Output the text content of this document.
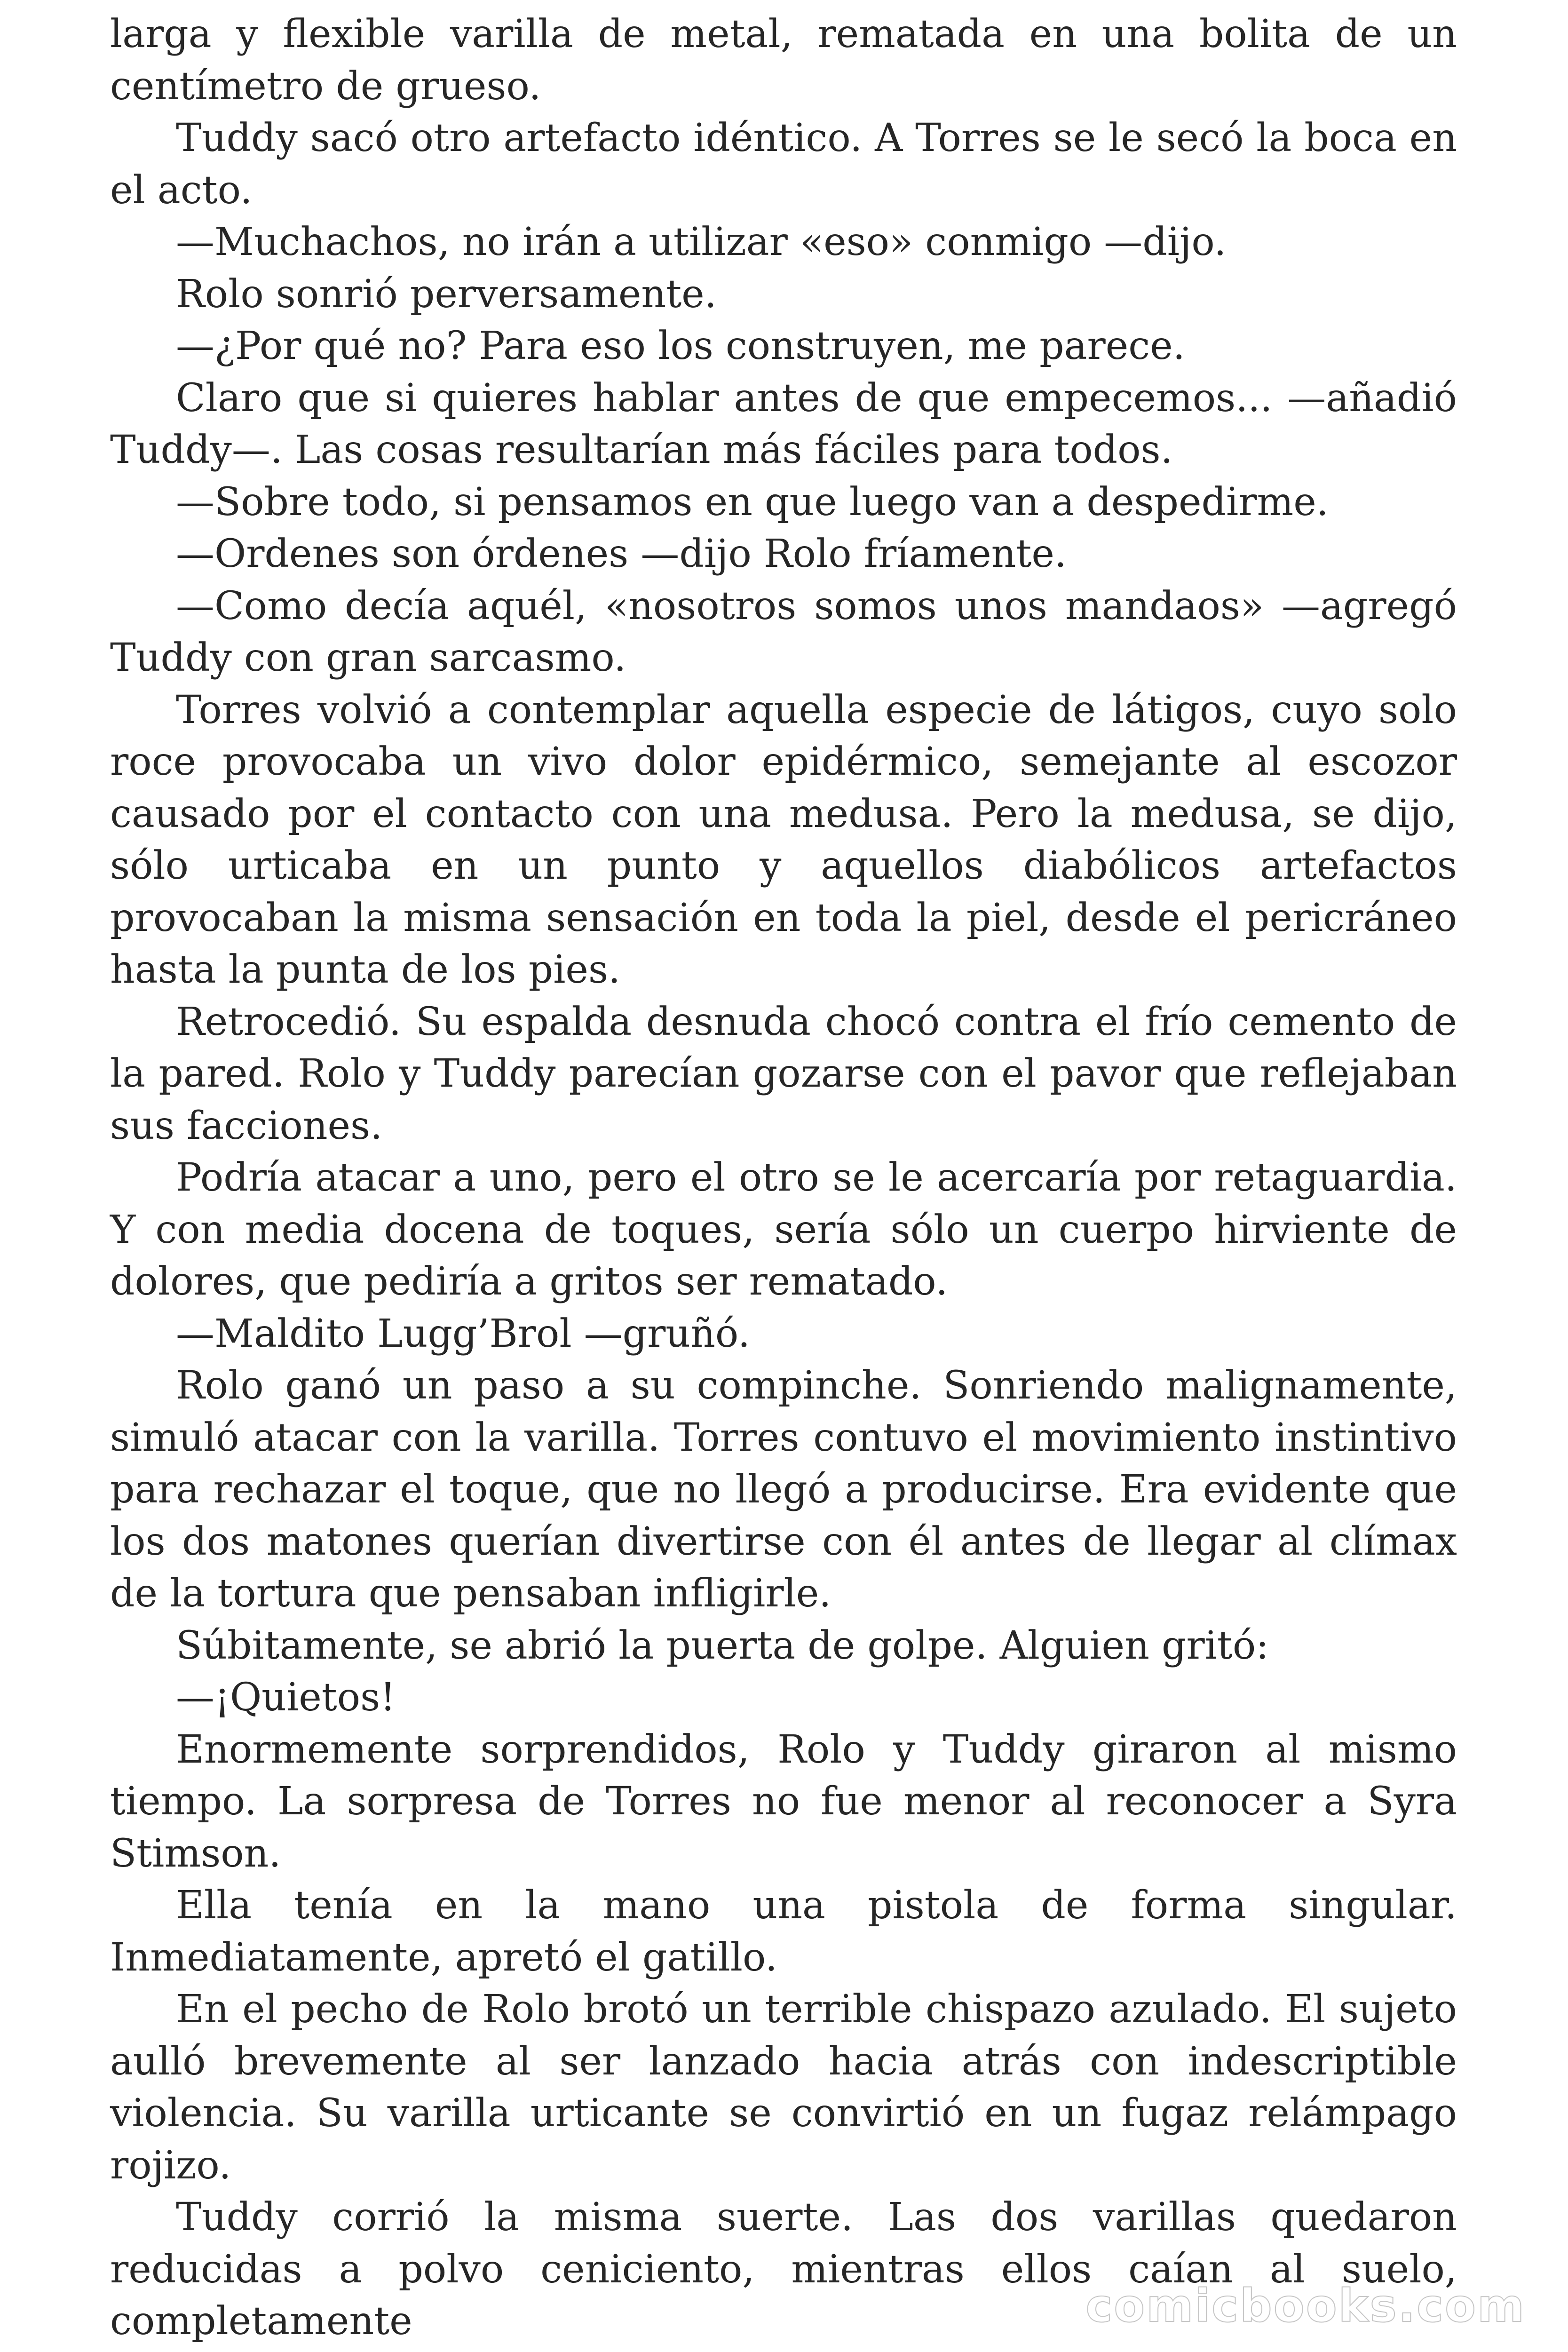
larga y flexible varilla de metal, rematada en una bolita de un centímetro de grueso.

Tuddy sacó otro artefacto idéntico. A Torres se le secó la boca en el acto.

—Muchachos, no irán a utilizar «eso» conmigo —dijo.

Rolo sonrió perversamente.

—¿Por qué no? Para eso los construyen, me parece.

Claro que si quieres hablar antes de que empecemos... —añadió Tuddy—. Las cosas resultarían más fáciles para todos.

—Sobre todo, si pensamos en que luego van a despedirme.

—Ordenes son órdenes —dijo Rolo fríamente.

—Como decía aquél, «nosotros somos unos mandaos» —agregó Tuddy con gran sarcasmo.

Torres volvió a contemplar aquella especie de látigos, cuyo solo roce provocaba un vivo dolor epidérmico, semejante al escozor causado por el contacto con una medusa. Pero la medusa, se dijo, sólo urticaba en un punto y aquellos diabólicos artefactos provocaban la misma sensación en toda la piel, desde el pericráneo hasta la punta de los pies.

Retrocedió. Su espalda desnuda chocó contra el frío cemento de la pared. Rolo y Tuddy parecían gozarse con el pavor que reflejaban sus facciones.

Podría atacar a uno, pero el otro se le acercaría por retaguardia. Y con media docena de toques, sería sólo un cuerpo hirviente de dolores, que pediría a gritos ser rematado.

—Maldito Lugg’Brol —gruñó.

Rolo ganó un paso a su compinche. Sonriendo malignamente, simuló atacar con la varilla. Torres contuvo el movimiento instintivo para rechazar el toque, que no llegó a producirse. Era evidente que los dos matones querían divertirse con él antes de llegar al clímax de la tortura que pensaban infligirle.

Súbitamente, se abrió la puerta de golpe. Alguien gritó:

—¡Quietos!

Enormemente sorprendidos, Rolo y Tuddy giraron al mismo tiempo. La sorpresa de Torres no fue menor al reconocer a Syra Stimson.

Ella tenía en la mano una pistola de forma singular. Inmediatamente, apretó el gatillo.

En el pecho de Rolo brotó un terrible chispazo azulado. El sujeto aulló brevemente al ser lanzado hacia atrás con indescriptible violencia. Su varilla urticante se convirtió en un fugaz relámpago rojizo.

Tuddy corrió la misma suerte. Las dos varillas quedaron reducidas a polvo ceniciento, mientras ellos caían al suelo, completamente	comicbooks.com
